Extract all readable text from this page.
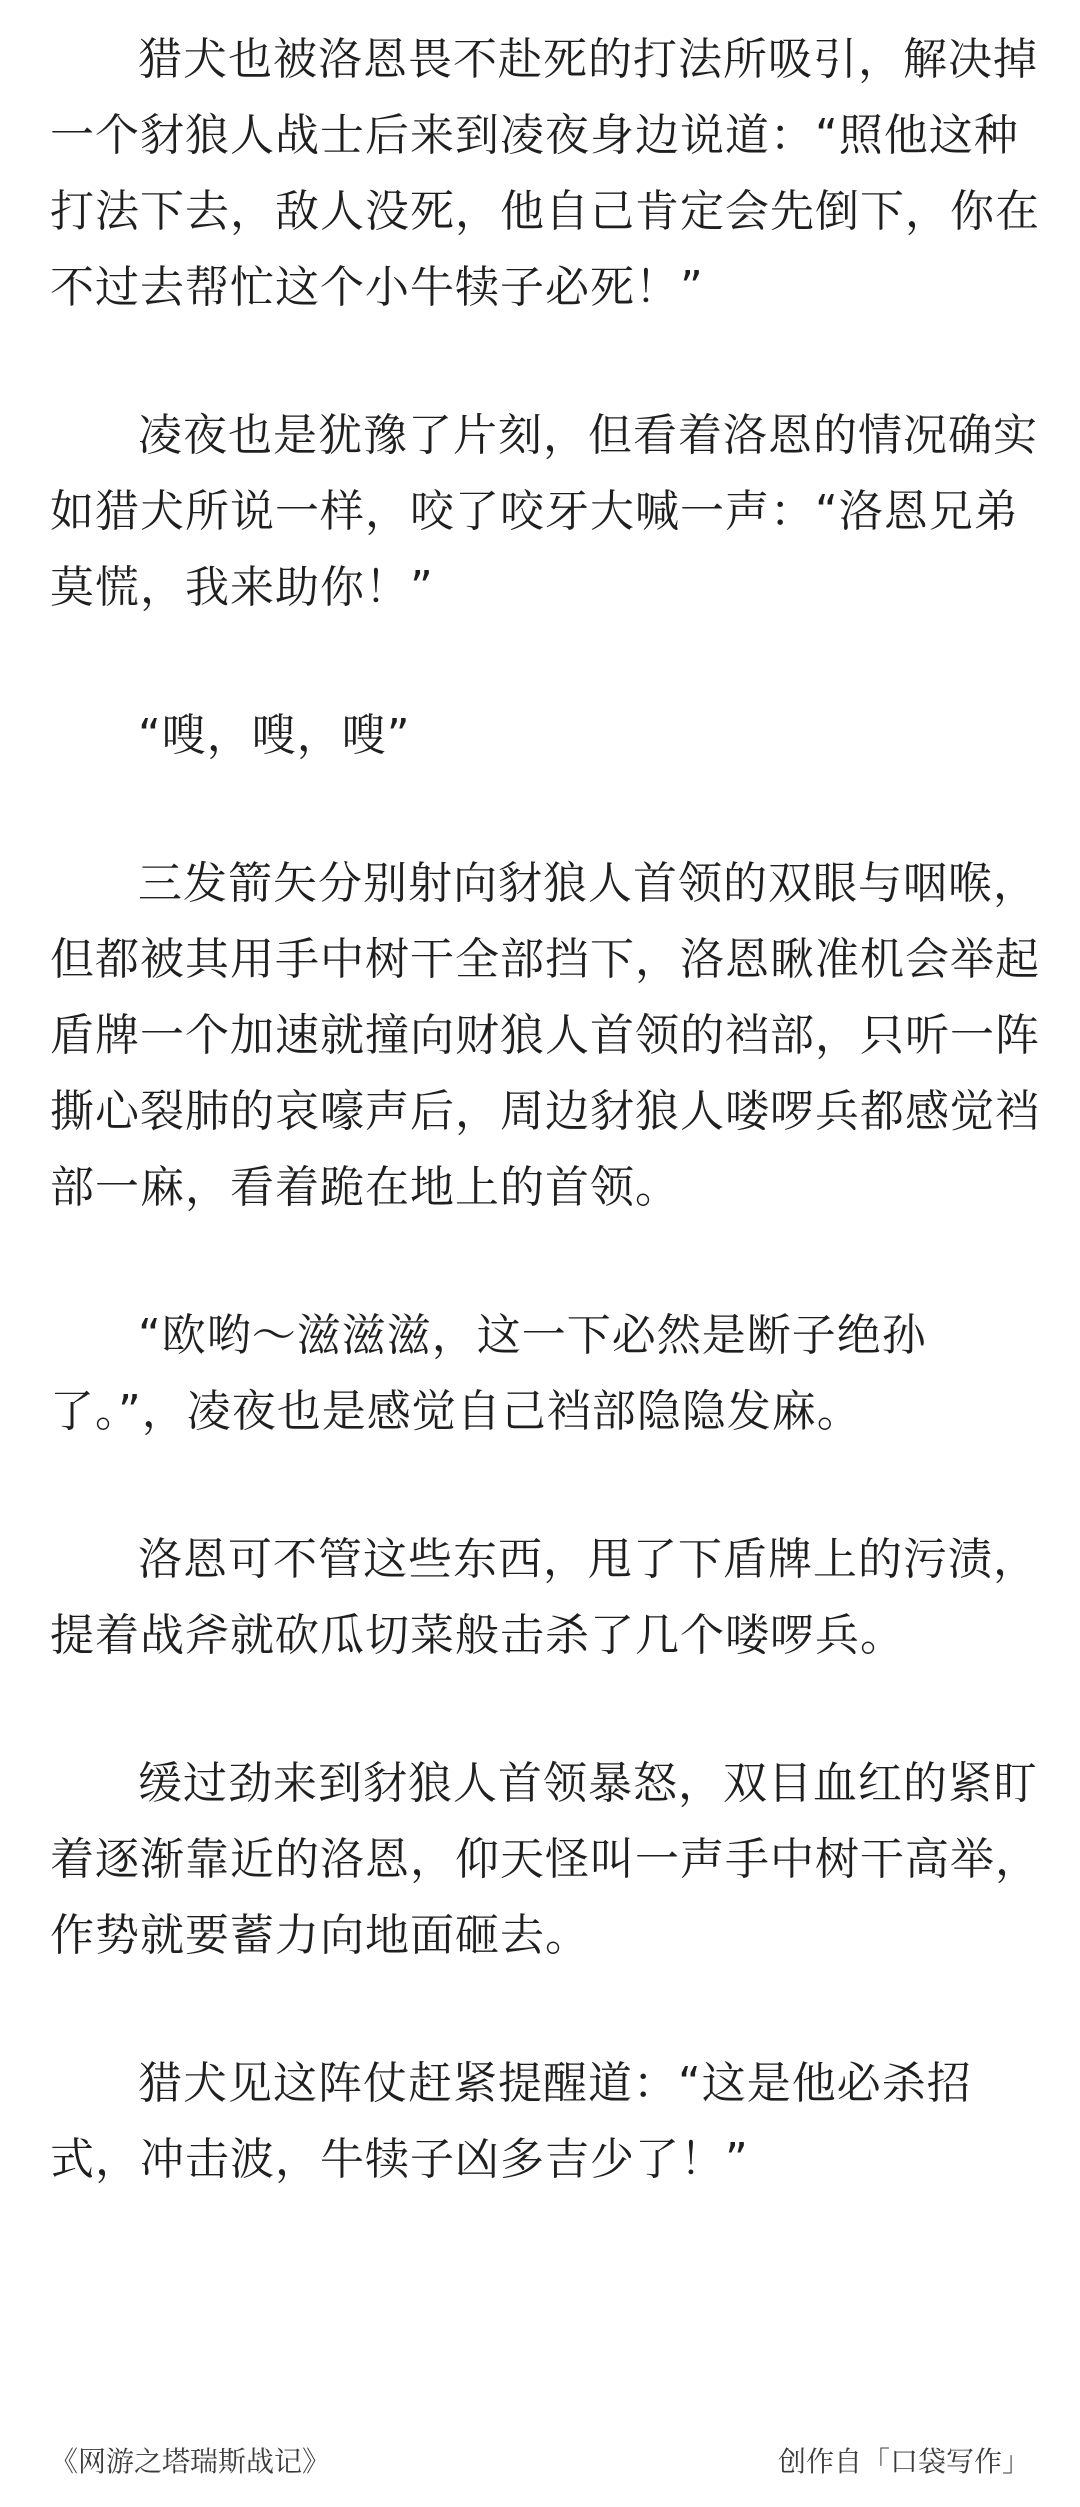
猎犬也被洛恩畏不赴死的打法所吸引，解决掉一个豺狼人战士后来到凌夜身边说道：“照他这种打法下去，敌人没死，他自己肯定会先倒下，你在不过去帮忙这个小牛犊子必死！”

凌夜也是犹豫了片刻，但看着洛恩的情况确实如猎犬所说一样，咬了咬牙大喊一声：“洛恩兄弟莫慌，我来助你！”

“嗖，嗖，嗖”

三发箭矢分别射向豺狼人首领的双眼与咽喉，但都被其用手中树干全部挡下，洛恩瞅准机会举起盾牌一个加速就撞向财狼人首领的裆部，只听一阵撕心裂肺的哀嚎声后，周边豺狼人喽啰兵都感觉裆部一麻，看着跪在地上的首领。

“欧哟～滋滋滋，这一下必然是断子绝孙了。”，凌夜也是感觉自己裆部隐隐发麻。

洛恩可不管这些东西，甩了下盾牌上的污渍，提着战斧就砍瓜切菜般击杀了几个喽啰兵。

缓过劲来到豺狼人首领暴怒，双目血红的紧盯着逐渐靠近的洛恩，仰天怪叫一声手中树干高举，作势就要蓄力向地面砸去。

猎犬见这阵仗赶紧提醒道：“这是他必杀招式，冲击波，牛犊子凶多吉少了！”

《网游之塔瑞斯战记》	创作自「口袋写作」
